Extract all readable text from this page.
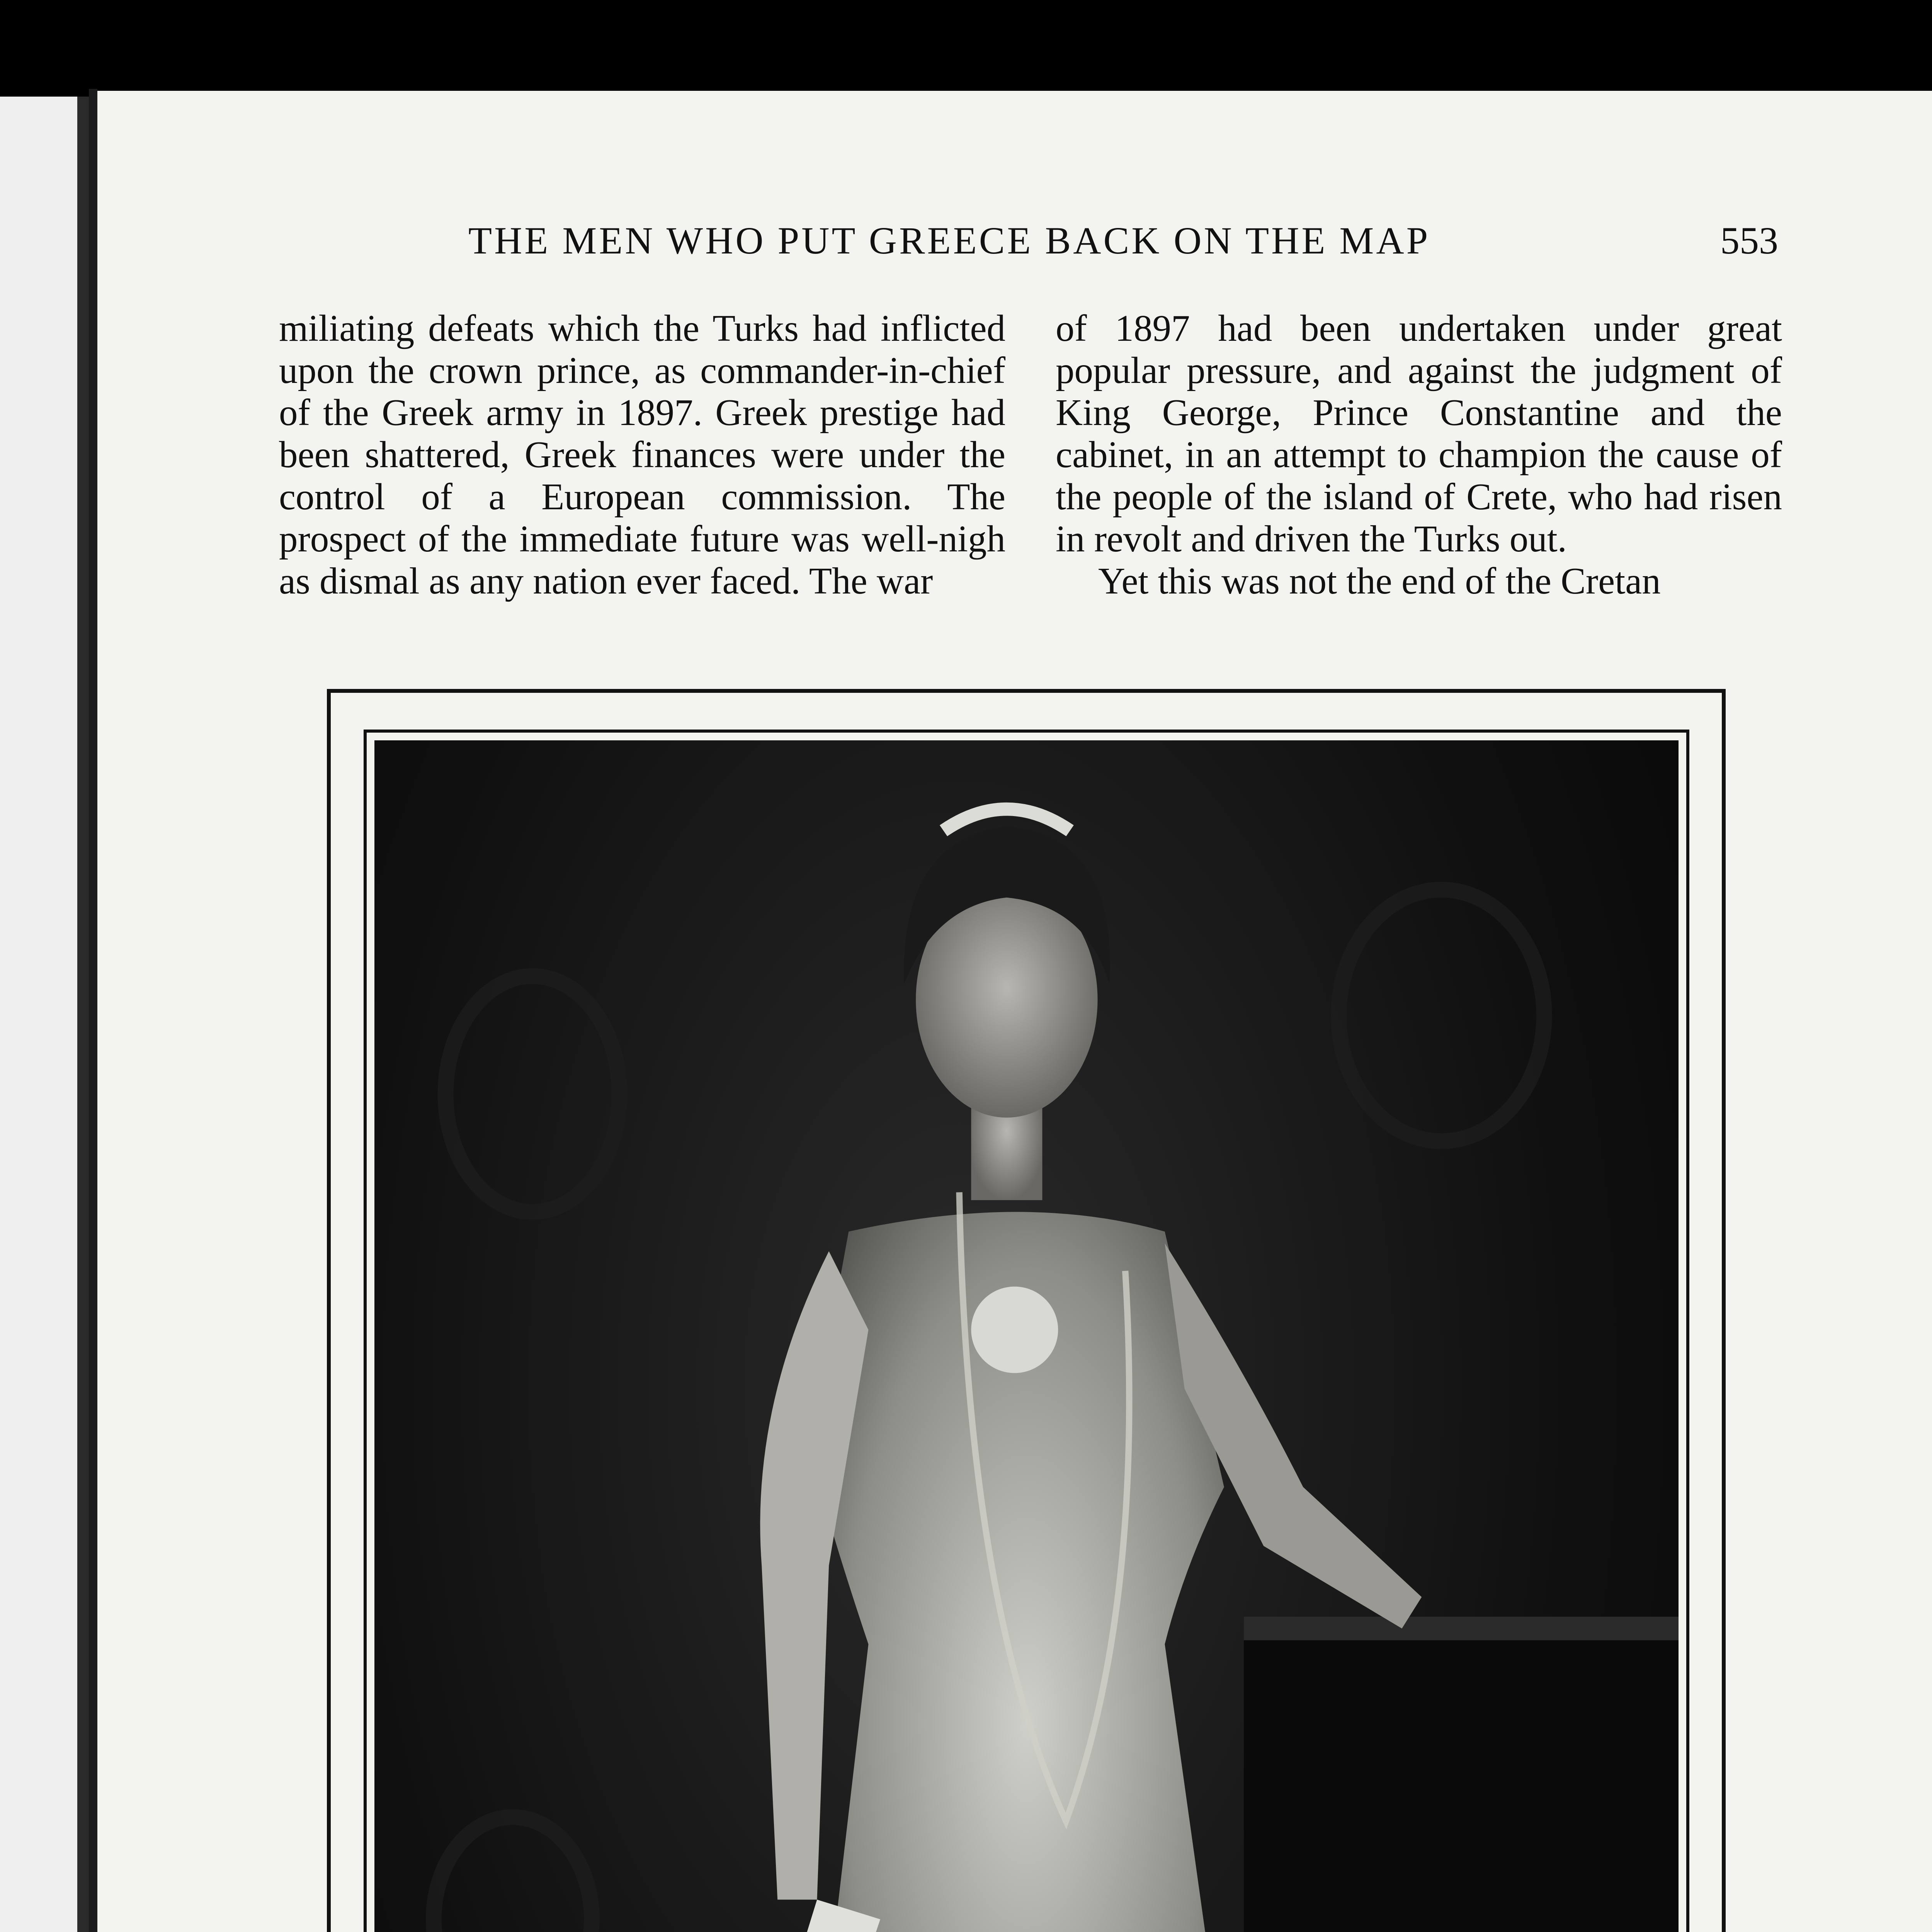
THE MEN WHO PUT GREECE BACK ON THE MAP	553

miliating defeats which the Turks had inflicted upon the crown prince, as commander-in-chief of the Greek army in 1897. Greek prestige had been shattered, Greek finances were under the control of a European commission. The prospect of the immediate future was well-nigh as dismal as any nation ever faced. The war

of 1897 had been undertaken under great popular pressure, and against the judgment of King George, Prince Constantine and the cabinet, in an attempt to champion the cause of the people of the island of Crete, who had risen in revolt and driven the Turks out.

Yet this was not the end of the Cretan
